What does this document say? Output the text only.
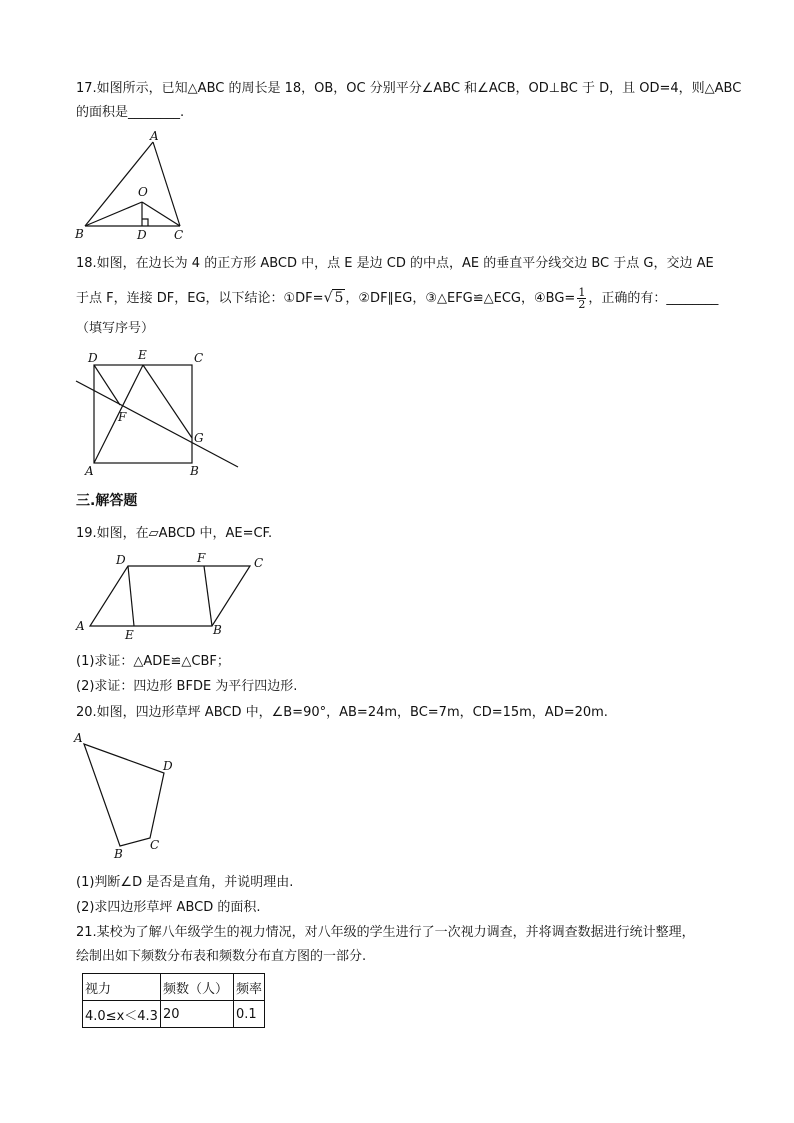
17.如图所示，已知△ABC 的周长是 18，OB，OC 分别平分∠ABC 和∠ACB，OD⊥BC 于 D，且 OD=4，则△ABC
的面积是________.
A
O
B	D C
18.如图，在边长为 4 的正方形 ABCD 中，点 E 是边 CD 的中点，AE 的垂直平分线交边 BC 于点 G，交边 AE
于点 F，连接 DF，EG，以下结论：①DF=√ 5 ，②DF∥EG，③△EFG≌△ECG，④BG= $\frac{1}{2}$ ，正确的有：________
（填写序号）
D	E	C
F
G
A	B
三.解答题
19.如图，在▱ABCD 中，AE=CF.
D	F	C
A
E	B
(1)求证：△ADE≌△CBF；
(2)求证：四边形 BFDE 为平行四边形.
20.如图，四边形草坪 ABCD 中，∠B=90°，AB=24m，BC=7m，CD=15m，AD=20m.
A
D
C
B
(1)判断∠D 是否是直角，并说明理由.
(2)求四边形草坪 ABCD 的面积.
21.某校为了解八年级学生的视力情况，对八年级的学生进行了一次视力调查，并将调查数据进行统计整理，
绘制出如下频数分布表和频数分布直方图的一部分.
视力	频数（人）	频率
4.0≤x＜4.3	20	0.1
